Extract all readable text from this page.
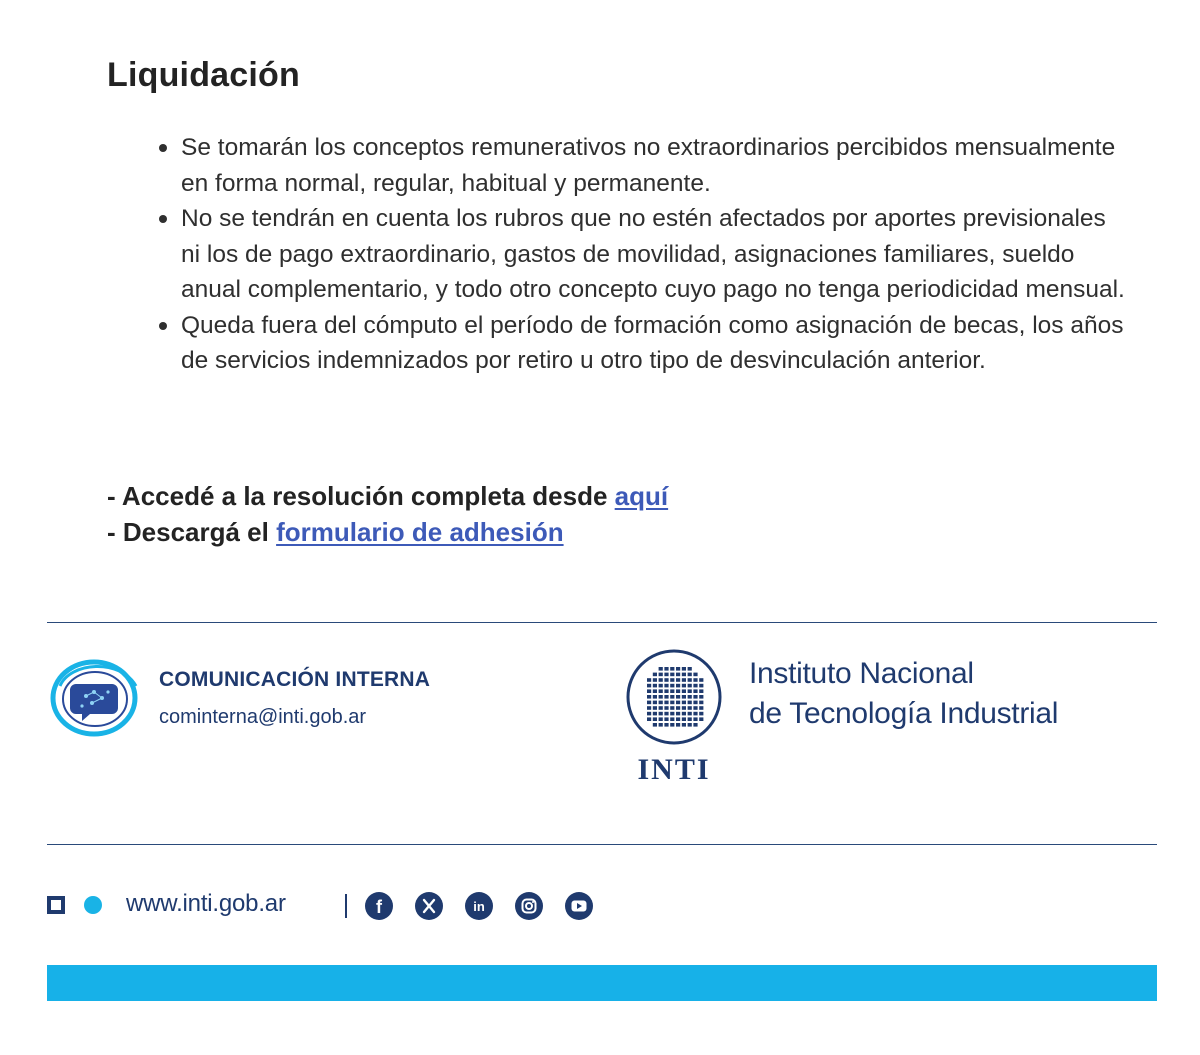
Liquidación
Se tomarán los conceptos remunerativos no extraordinarios percibidos mensualmente en forma normal, regular, habitual y permanente.
No se tendrán en cuenta los rubros que no estén afectados por aportes previsionales ni los de pago extraordinario, gastos de movilidad, asignaciones familiares, sueldo anual complementario, y todo otro concepto cuyo pago no tenga periodicidad mensual.
Queda fuera del cómputo el período de formación como asignación de becas, los años de servicios indemnizados por retiro u otro tipo de desvinculación anterior.
- Accedé a la resolución completa desde aquí
- Descargá el formulario de adhesión
COMUNICACIÓN INTERNA
cominterna@inti.gob.ar
INTI
Instituto Nacional
de Tecnología Industrial
www.inti.gob.ar	f	in
